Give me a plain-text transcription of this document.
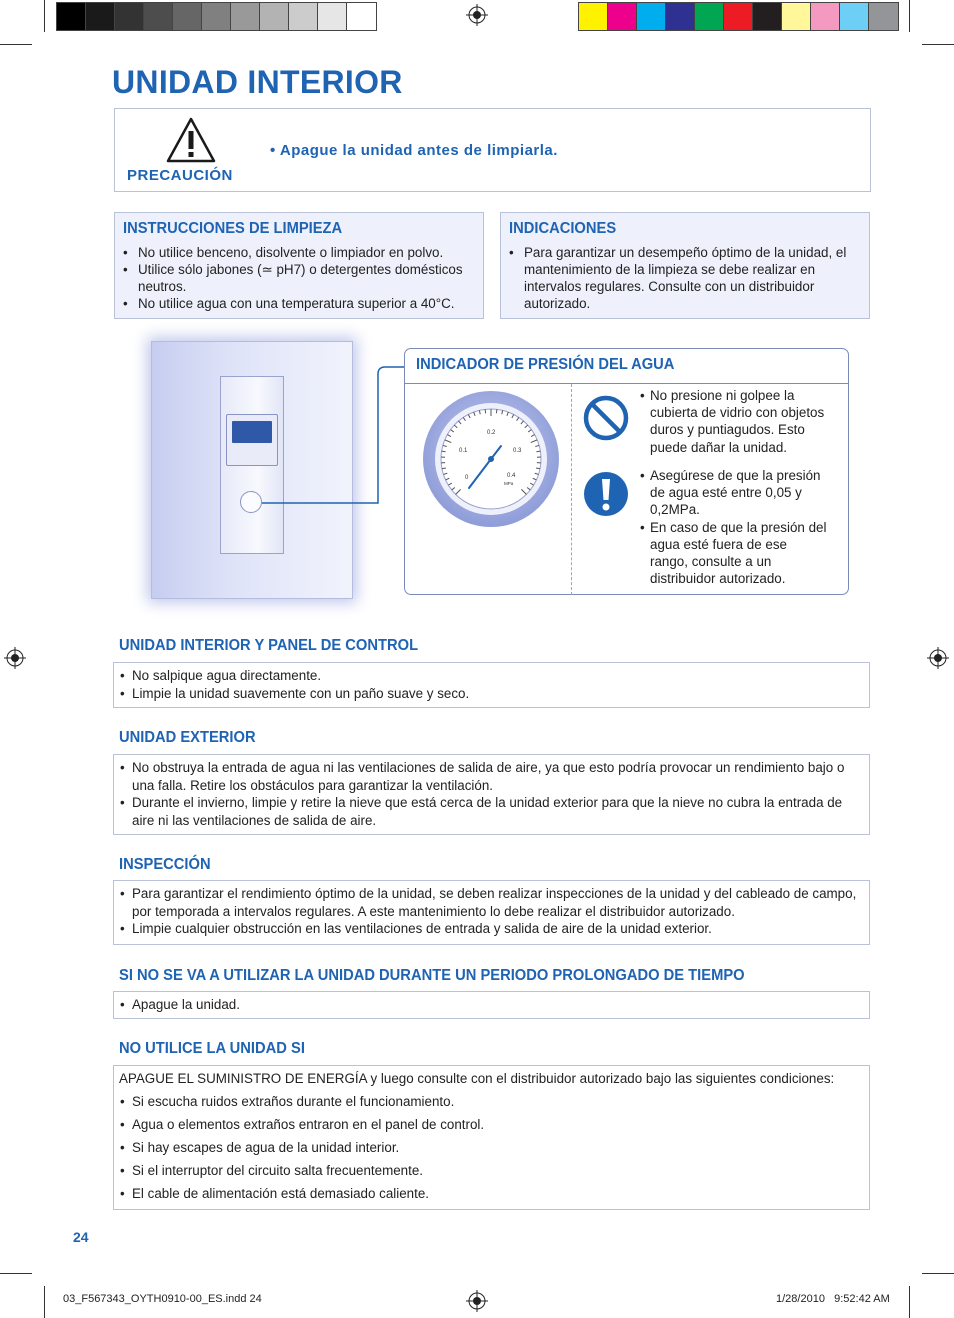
UNIDAD INTERIOR
PRECAUCIÓN
• Apague la unidad antes de limpiarla.
INSTRUCCIONES DE LIMPIEZA
• No utilice benceno, disolvente o limpiador en polvo.
• Utilice sólo jabones (≃ pH7) o detergentes domésticos neutros.
• No utilice agua con una temperatura superior a 40°C.
INDICACIONES
• Para garantizar un desempeño óptimo de la unidad, el mantenimiento de la limpieza se debe realizar en intervalos regulares. Consulte con un distribuidor autorizado.
INDICADOR DE PRESIÓN DEL AGUA
0
0.1
0.2
0.3
0.4
MPa

• No presione ni golpee la cubierta de vidrio con objetos duros y puntiagudos. Esto puede dañar la unidad.

• Asegúrese de que la presión de agua esté entre 0,05 y 0,2MPa.

• En caso de que la presión del agua esté fuera de ese rango, consulte a un distribuidor autorizado.

UNIDAD INTERIOR Y PANEL DE CONTROL
• No salpique agua directamente.
• Limpie la unidad suavemente con un paño suave y seco.
UNIDAD EXTERIOR
• No obstruya la entrada de agua ni las ventilaciones de salida de aire, ya que esto podría provocar un rendimiento bajo o una falla. Retire los obstáculos para garantizar la ventilación.
• Durante el invierno, limpie y retire la nieve que está cerca de la unidad exterior para que la nieve no cubra la entrada de aire ni las ventilaciones de salida de aire.
INSPECCIÓN
• Para garantizar el rendimiento óptimo de la unidad, se deben realizar inspecciones de la unidad y del cableado de campo, por temporada a intervalos regulares. A este mantenimiento lo debe realizar el distribuidor autorizado.
• Limpie cualquier obstrucción en las ventilaciones de entrada y salida de aire de la unidad exterior.
SI NO SE VA A UTILIZAR LA UNIDAD DURANTE UN PERIODO PROLONGADO DE TIEMPO
• Apague la unidad.
NO UTILICE LA UNIDAD SI
APAGUE EL SUMINISTRO DE ENERGÍA y luego consulte con el distribuidor autorizado bajo las siguientes condiciones:
• Si escucha ruidos extraños durante el funcionamiento.
• Agua o elementos extraños entraron en el panel de control.
• Si hay escapes de agua de la unidad interior.
• Si el interruptor del circuito salta frecuentemente.
• El cable de alimentación está demasiado caliente.
24
03_F567343_OYTH0910-00_ES.indd 24	1/28/2010   9:52:42 AM
